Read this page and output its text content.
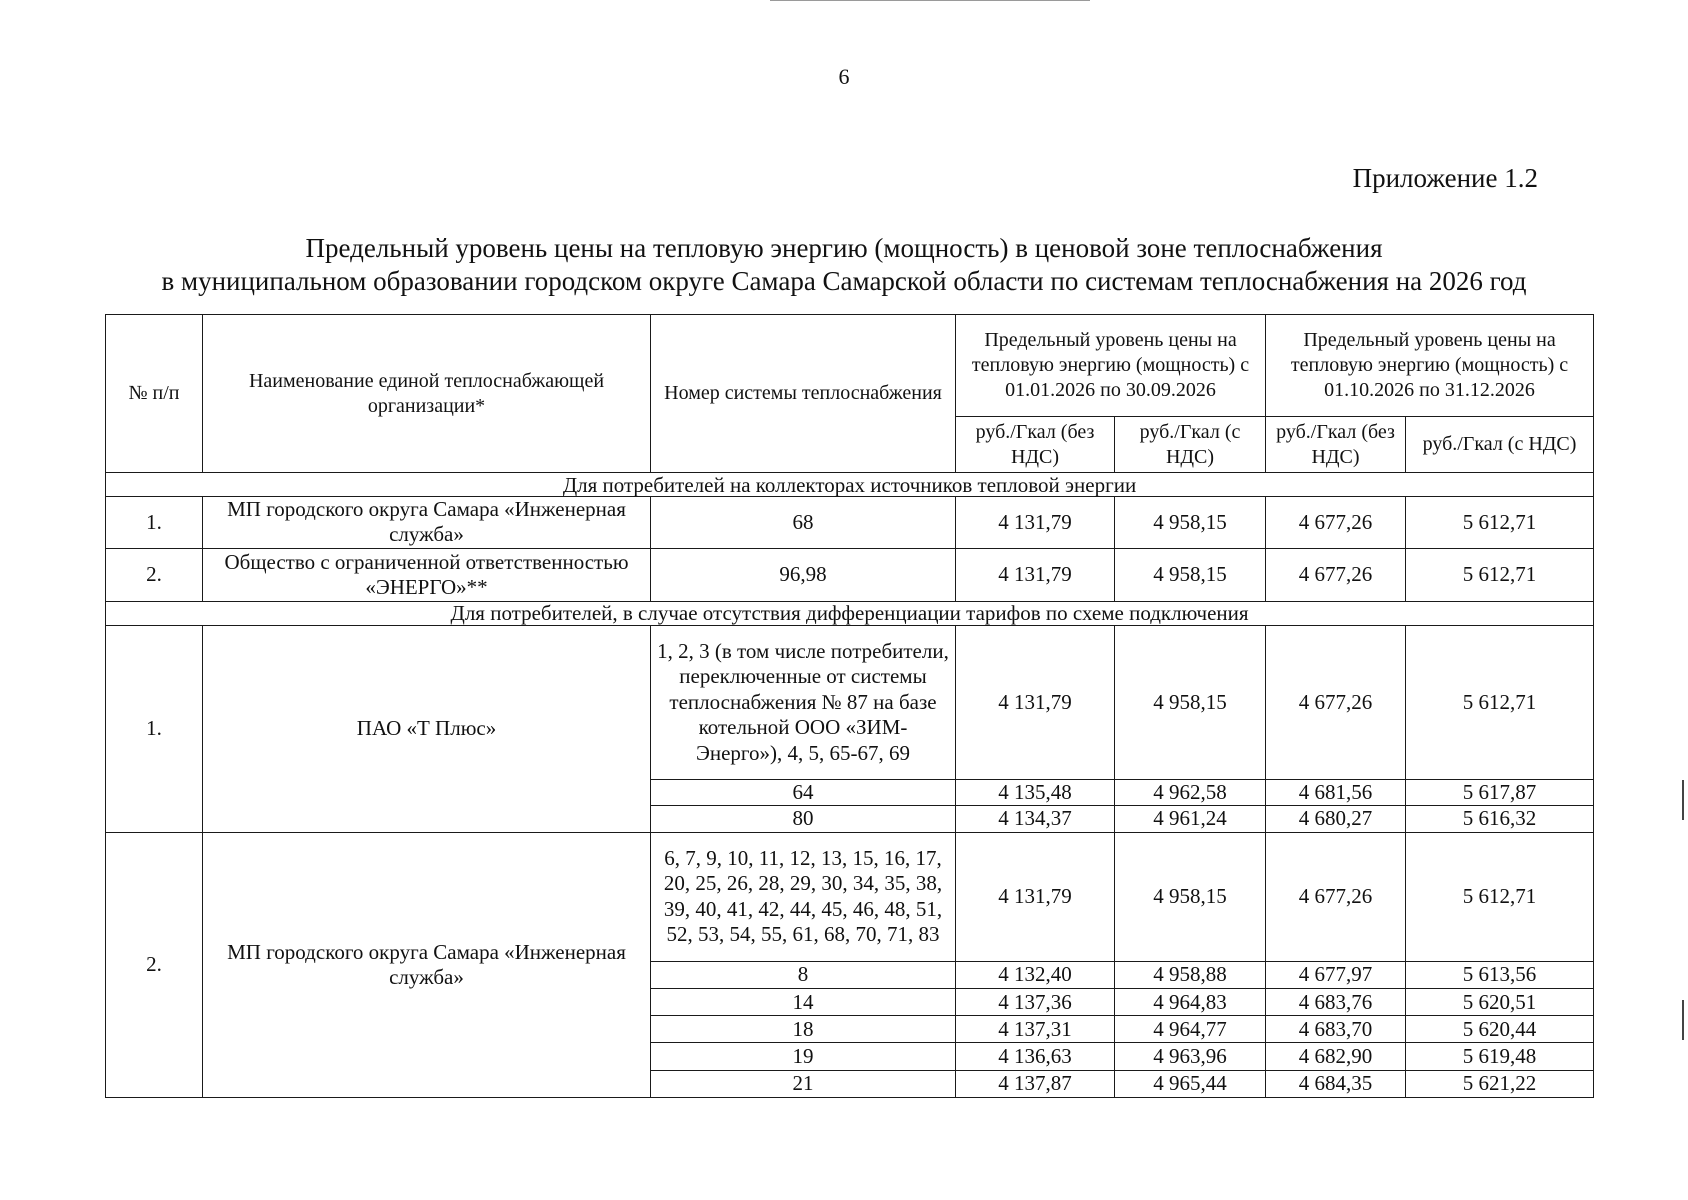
6
Приложение 1.2
Предельный уровень цены на тепловую энергию (мощность) в ценовой зоне теплоснабжения
в муниципальном образовании городском округе Самара Самарской области по системам теплоснабжения на 2026 год
№ п/п	Наименование единой теплоснабжающей организации*	Номер системы теплоснабжения	Предельный уровень цены на тепловую энергию (мощность) с 01.01.2026 по 30.09.2026		Предельный уровень цены на тепловую энергию (мощность) с 01.10.2026 по 31.12.2026	
			руб./Гкал (без НДС)	руб./Гкал (с НДС)	руб./Гкал (без НДС)	руб./Гкал (с НДС)
Для потребителей на коллекторах источников тепловой энергии						
1.	МП городского округа Самара «Инженерная служба»	68	4 131,79	4 958,15	4 677,26	5 612,71
2.	Общество с ограниченной ответственностью «ЭНЕРГО»**	96,98	4 131,79	4 958,15	4 677,26	5 612,71
Для потребителей, в случае отсутствия дифференциации тарифов по схеме подключения						
1.	ПАО «Т Плюс»	1, 2, 3 (в том числе потребители, переключенные от системы теплоснабжения № 87 на базе котельной ООО «ЗИМ-Энерго»), 4, 5, 65-67, 69	4 131,79	4 958,15	4 677,26	5 612,71
		64	4 135,48	4 962,58	4 681,56	5 617,87
		80	4 134,37	4 961,24	4 680,27	5 616,32
2.	МП городского округа Самара «Инженерная служба»	6, 7, 9, 10, 11, 12, 13, 15, 16, 17, 20, 25, 26, 28, 29, 30, 34, 35, 38, 39, 40, 41, 42, 44, 45, 46, 48, 51, 52, 53, 54, 55, 61, 68, 70, 71, 83	4 131,79	4 958,15	4 677,26	5 612,71
		8	4 132,40	4 958,88	4 677,97	5 613,56
		14	4 137,36	4 964,83	4 683,76	5 620,51
		18	4 137,31	4 964,77	4 683,70	5 620,44
		19	4 136,63	4 963,96	4 682,90	5 619,48
		21	4 137,87	4 965,44	4 684,35	5 621,22
